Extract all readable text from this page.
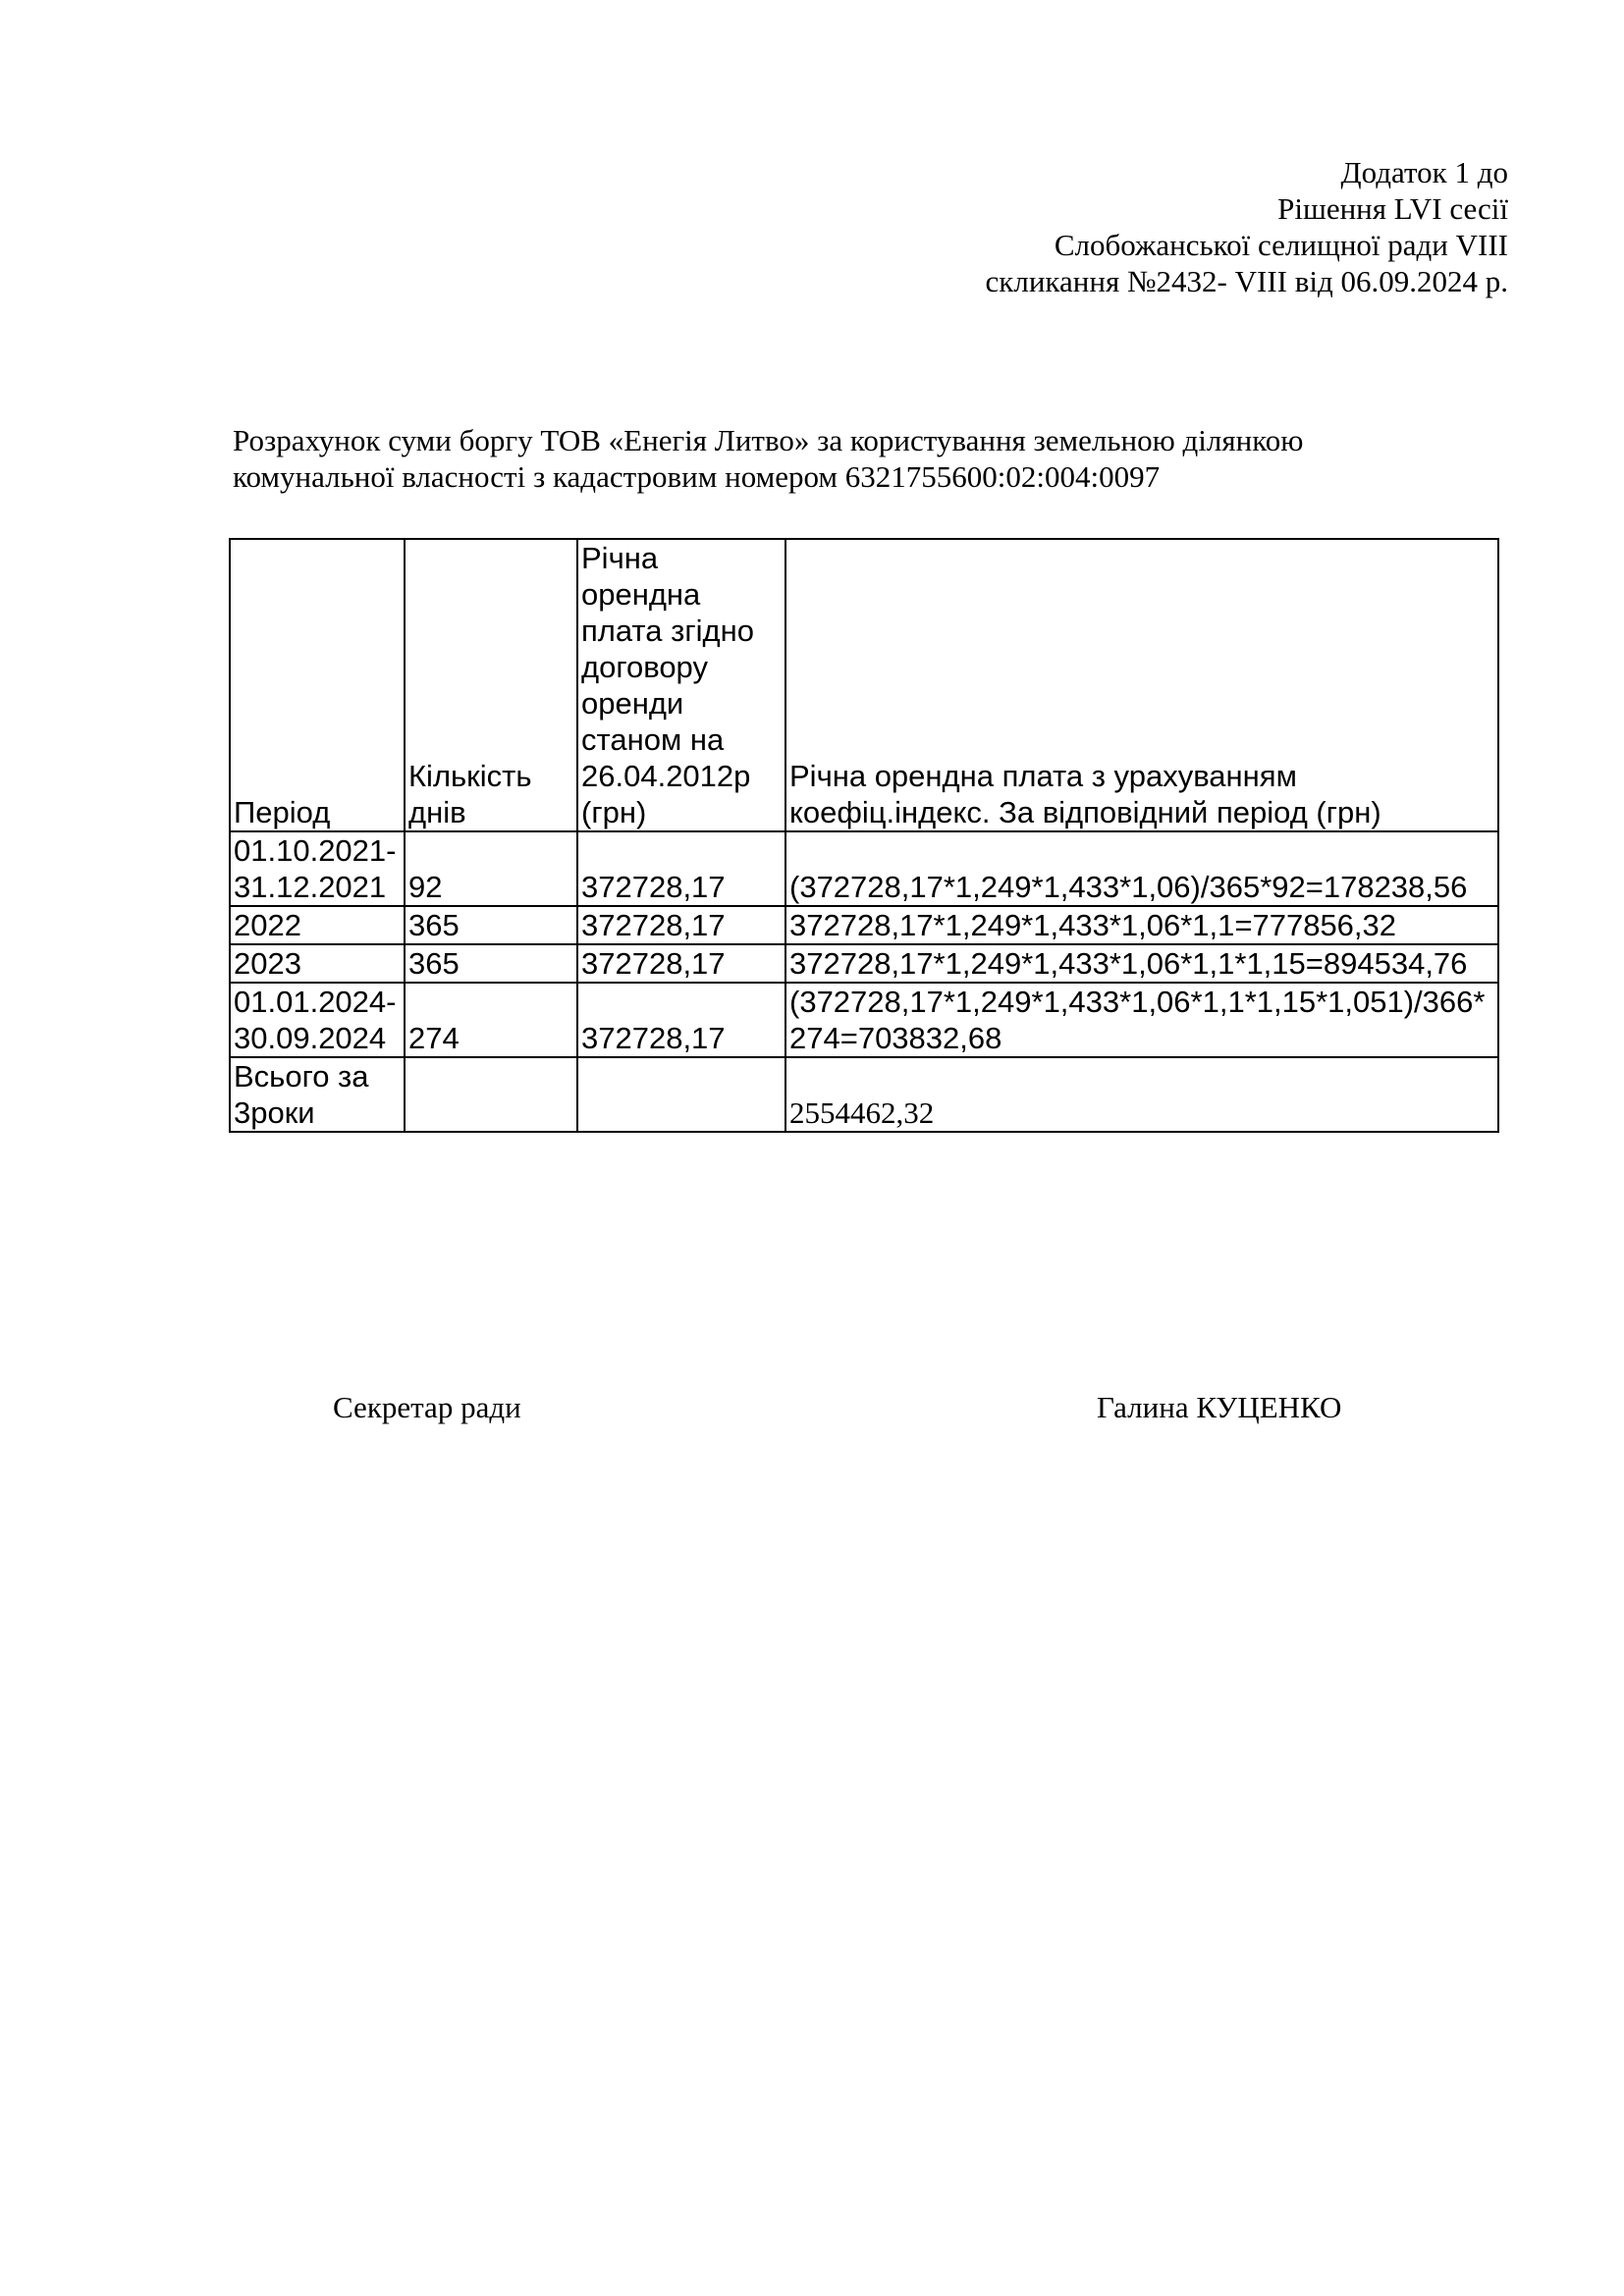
Додаток 1 до
Рішення LVI сесії
Слобожанської селищної ради VIII
скликання №2432- VIII від 06.09.2024 р.
Розрахунок суми боргу ТОВ «Енегія Литво» за користування земельною ділянкою
комунальної власності з кадастровим номером 6321755600:02:004:0097
Період	Кількість днів	Річна орендна плата згідно договору оренди станом на 26.04.2012р (грн)	Річна орендна плата з урахуванням коефіц.індекс. За відповідний період (грн)
01.10.2021-31.12.2021	92	372728,17	(372728,17*1,249*1,433*1,06)/365*92=178238,56
2022	365	372728,17	372728,17*1,249*1,433*1,06*1,1=777856,32
2023	365	372728,17	372728,17*1,249*1,433*1,06*1,1*1,15=894534,76
01.01.2024-30.09.2024	274	372728,17	(372728,17*1,249*1,433*1,06*1,1*1,15*1,051)/366*274=703832,68
Всього за 3роки			2554462,32
Секретар ради	Галина КУЦЕНКО
